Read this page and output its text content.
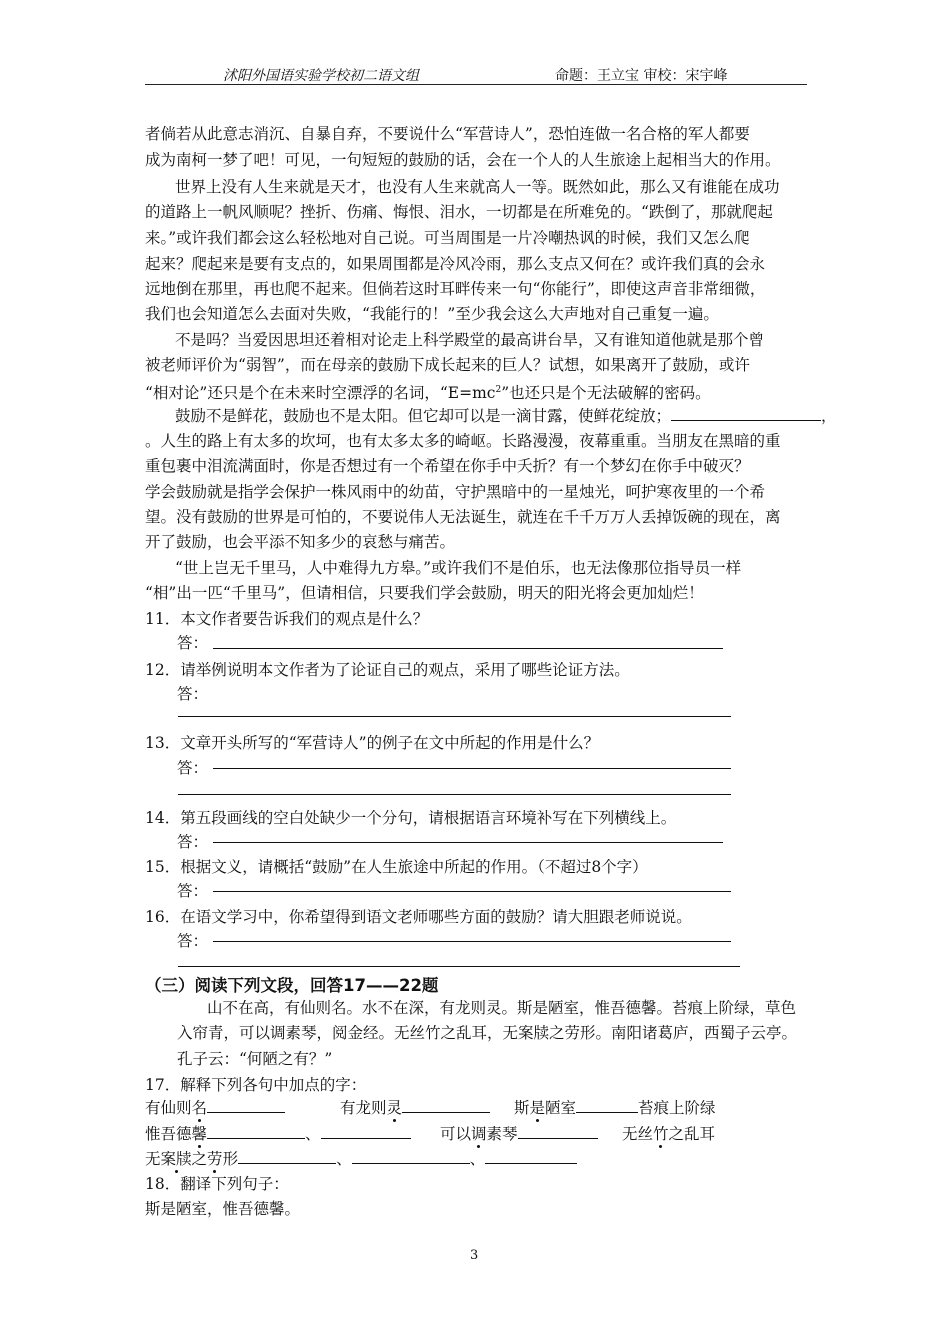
沭阳外国语实验学校初二语文组	命题：王立宝 审校：宋宇峰
者倘若从此意志消沉、自暴自弃，不要说什么“军营诗人”，恐怕连做一名合格的军人都要
成为南柯一梦了吧！可见，一句短短的鼓励的话，会在一个人的人生旅途上起相当大的作用。
世界上没有人生来就是天才，也没有人生来就高人一等。既然如此，那么又有谁能在成功
的道路上一帆风顺呢？挫折、伤痛、悔恨、泪水，一切都是在所难免的。“跌倒了，那就爬起
来。”或许我们都会这么轻松地对自己说。可当周围是一片冷嘲热讽的时候，我们又怎么爬
起来？爬起来是要有支点的，如果周围都是冷风冷雨，那么支点又何在？或许我们真的会永
远地倒在那里，再也爬不起来。但倘若这时耳畔传来一句“你能行”，即使这声音非常细微，
我们也会知道怎么去面对失败，“我能行的！”至少我会这么大声地对自己重复一遍。
不是吗？当爱因思坦还着相对论走上科学殿堂的最高讲台旱，又有谁知道他就是那个曾
被老师评价为“弱智”，而在母亲的鼓励下成长起来的巨人？试想，如果离开了鼓励，或许
“相对论”还只是个在未来时空漂浮的名词，“$E=mc^2$”也还只是个无法破解的密码。
鼓励不是鲜花，鼓励也不是太阳。但它却可以是一滴甘露，使鲜花绽放；	，
。人生的路上有太多的坎坷，也有太多太多的崎岖。长路漫漫，夜幕重重。当朋友在黑暗的重
重包裹中泪流满面时，你是否想过有一个希望在你手中夭折？有一个梦幻在你手中破灭？
学会鼓励就是指学会保护一株风雨中的幼苗，守护黑暗中的一星烛光，呵护寒夜里的一个希
望。没有鼓励的世界是可怕的，不要说伟人无法诞生，就连在千千万万人丢掉饭碗的现在，离
开了鼓励，也会平添不知多少的哀愁与痛苦。
“世上岂无千里马，人中难得九方皋。”或许我们不是伯乐，也无法像那位指导员一样
“相”出一匹“千里马”，但请相信，只要我们学会鼓励，明天的阳光将会更加灿烂！
11．本文作者要告诉我们的观点是什么？
答：
12．请举例说明本文作者为了论证自己的观点，采用了哪些论证方法。
答：
13．文章开头所写的“军营诗人”的例子在文中所起的作用是什么？
答：
14．第五段画线的空白处缺少一个分句，请根据语言环境补写在下列横线上。
答：
15．根据文义，请概括“鼓励”在人生旅途中所起的作用。（不超过8个字）
答：
16．在语文学习中，你希望得到语文老师哪些方面的鼓励？请大胆跟老师说说。
答：
（三）阅读下列文段，回答17——22题
山不在高，有仙则名。水不在深，有龙则灵。斯是陋室，惟吾德馨。苔痕上阶绿，草色
入帘青，可以调素琴，阅金经。无丝竹之乱耳，无案牍之劳形。南阳诸葛庐，西蜀子云亭。
孔子云：“何陋之有？”
17．解释下列各句中加点的字：
有仙则名	有龙则灵	斯是陋室	苔痕上阶绿
惟吾德馨	、	可以调素琴	无丝竹之乱耳
无案牍之劳形	、	、
18．翻译下列句子：
斯是陋室，惟吾德馨。
3
